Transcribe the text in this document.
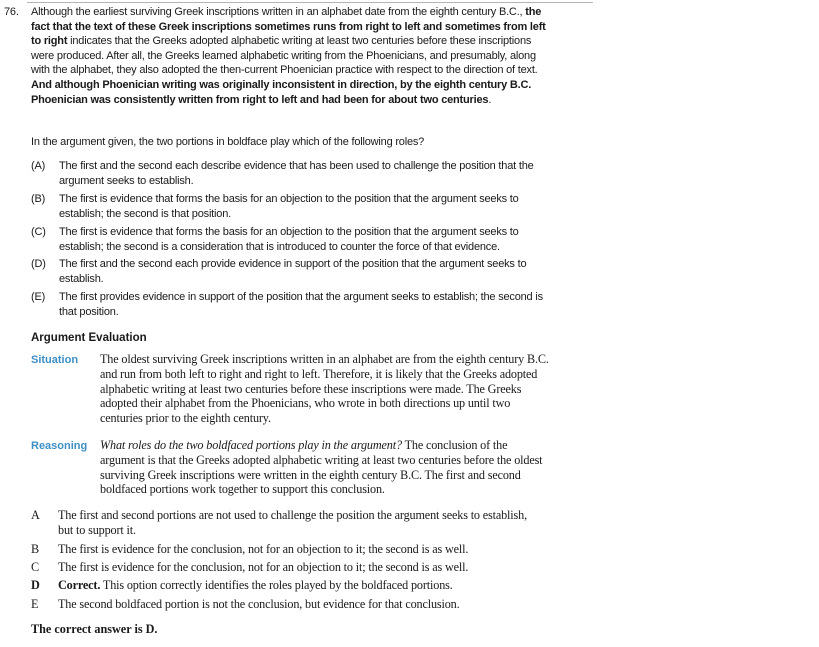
76. Although the earliest surviving Greek inscriptions written in an alphabet date from the eighth century B.C., the fact that the text of these Greek inscriptions sometimes runs from right to left and sometimes from left to right indicates that the Greeks adopted alphabetic writing at least two centuries before these inscriptions were produced. After all, the Greeks learned alphabetic writing from the Phoenicians, and presumably, along with the alphabet, they also adopted the then-current Phoenician practice with respect to the direction of text. And although Phoenician writing was originally inconsistent in direction, by the eighth century B.C. Phoenician was consistently written from right to left and had been for about two centuries.

In the argument given, the two portions in boldface play which of the following roles?

(A) The first and the second each describe evidence that has been used to challenge the position that the argument seeks to establish.
(B) The first is evidence that forms the basis for an objection to the position that the argument seeks to establish; the second is that position.
(C) The first is evidence that forms the basis for an objection to the position that the argument seeks to establish; the second is a consideration that is introduced to counter the force of that evidence.
(D) The first and the second each provide evidence in support of the position that the argument seeks to establish.
(E) The first provides evidence in support of the position that the argument seeks to establish; the second is that position.
Argument Evaluation
Situation The oldest surviving Greek inscriptions written in an alphabet are from the eighth century B.C. and run from both left to right and right to left. Therefore, it is likely that the Greeks adopted alphabetic writing at least two centuries before these inscriptions were made. The Greeks adopted their alphabet from the Phoenicians, who wrote in both directions up until two centuries prior to the eighth century.

Reasoning What roles do the two boldfaced portions play in the argument? The conclusion of the argument is that the Greeks adopted alphabetic writing at least two centuries before the oldest surviving Greek inscriptions were written in the eighth century B.C. The first and second boldfaced portions work together to support this conclusion.

A The first and second portions are not used to challenge the position the argument seeks to establish, but to support it.
B The first is evidence for the conclusion, not for an objection to it; the second is as well.
C The first is evidence for the conclusion, not for an objection to it; the second is as well.
D Correct. This option correctly identifies the roles played by the boldfaced portions.
E The second boldfaced portion is not the conclusion, but evidence for that conclusion.
The correct answer is D.
